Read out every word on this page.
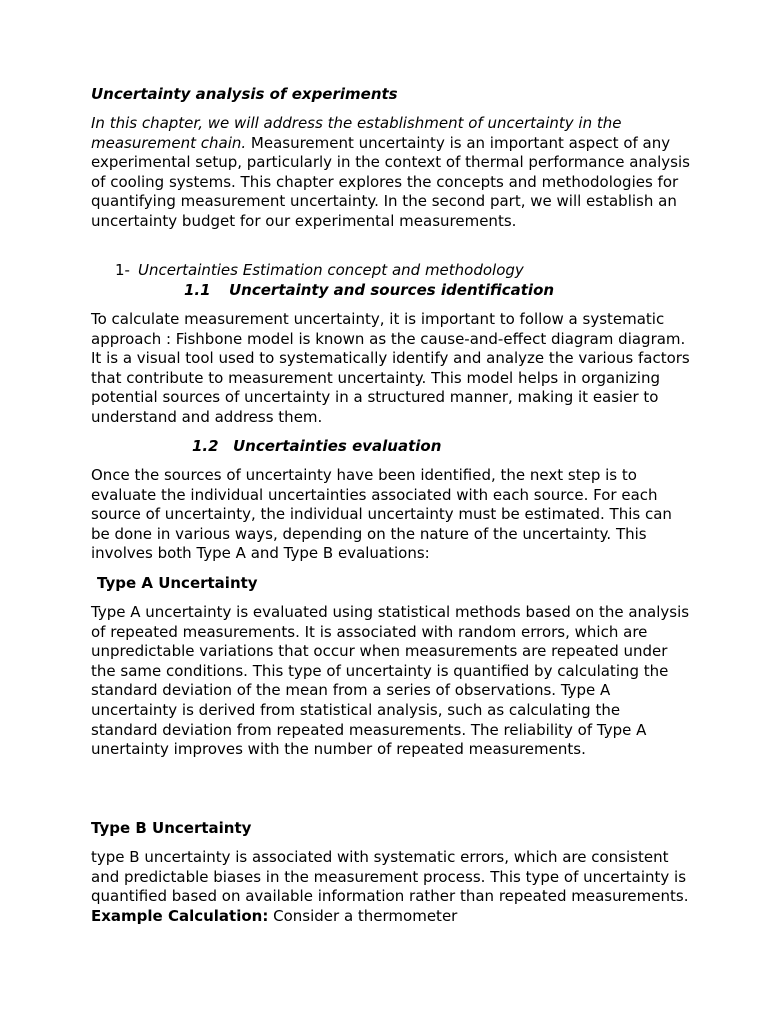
Uncertainty analysis of experiments

In this chapter, we will address the establishment of uncertainty in the measurement chain. Measurement uncertainty is an important aspect of any experimental setup, particularly in the context of thermal performance analysis of cooling systems. This chapter explores the concepts and methodologies for quantifying measurement uncertainty. In the second part, we will establish an uncertainty budget for our experimental measurements.

1- Uncertainties Estimation concept and methodology

1.1 Uncertainty and sources identification

To calculate measurement uncertainty, it is important to follow a systematic approach : Fishbone model is known as the cause-and-effect diagram diagram. It is a visual tool used to systematically identify and analyze the various factors that contribute to measurement uncertainty. This model helps in organizing potential sources of uncertainty in a structured manner, making it easier to understand and address them.

1.2 Uncertainties evaluation

Once the sources of uncertainty have been identified, the next step is to evaluate the individual uncertainties associated with each source. For each source of uncertainty, the individual uncertainty must be estimated. This can be done in various ways, depending on the nature of the uncertainty. This involves both Type A and Type B evaluations:

Type A Uncertainty

Type A uncertainty is evaluated using statistical methods based on the analysis of repeated measurements. It is associated with random errors, which are unpredictable variations that occur when measurements are repeated under the same conditions. This type of uncertainty is quantified by calculating the standard deviation of the mean from a series of observations. Type A uncertainty is derived from statistical analysis, such as calculating the standard deviation from repeated measurements. The reliability of Type A unertainty improves with the number of repeated measurements.

Type B Uncertainty

type B uncertainty is associated with systematic errors, which are consistent and predictable biases in the measurement process. This type of uncertainty is quantified based on available information rather than repeated measurements. Example Calculation: Consider a thermometer
